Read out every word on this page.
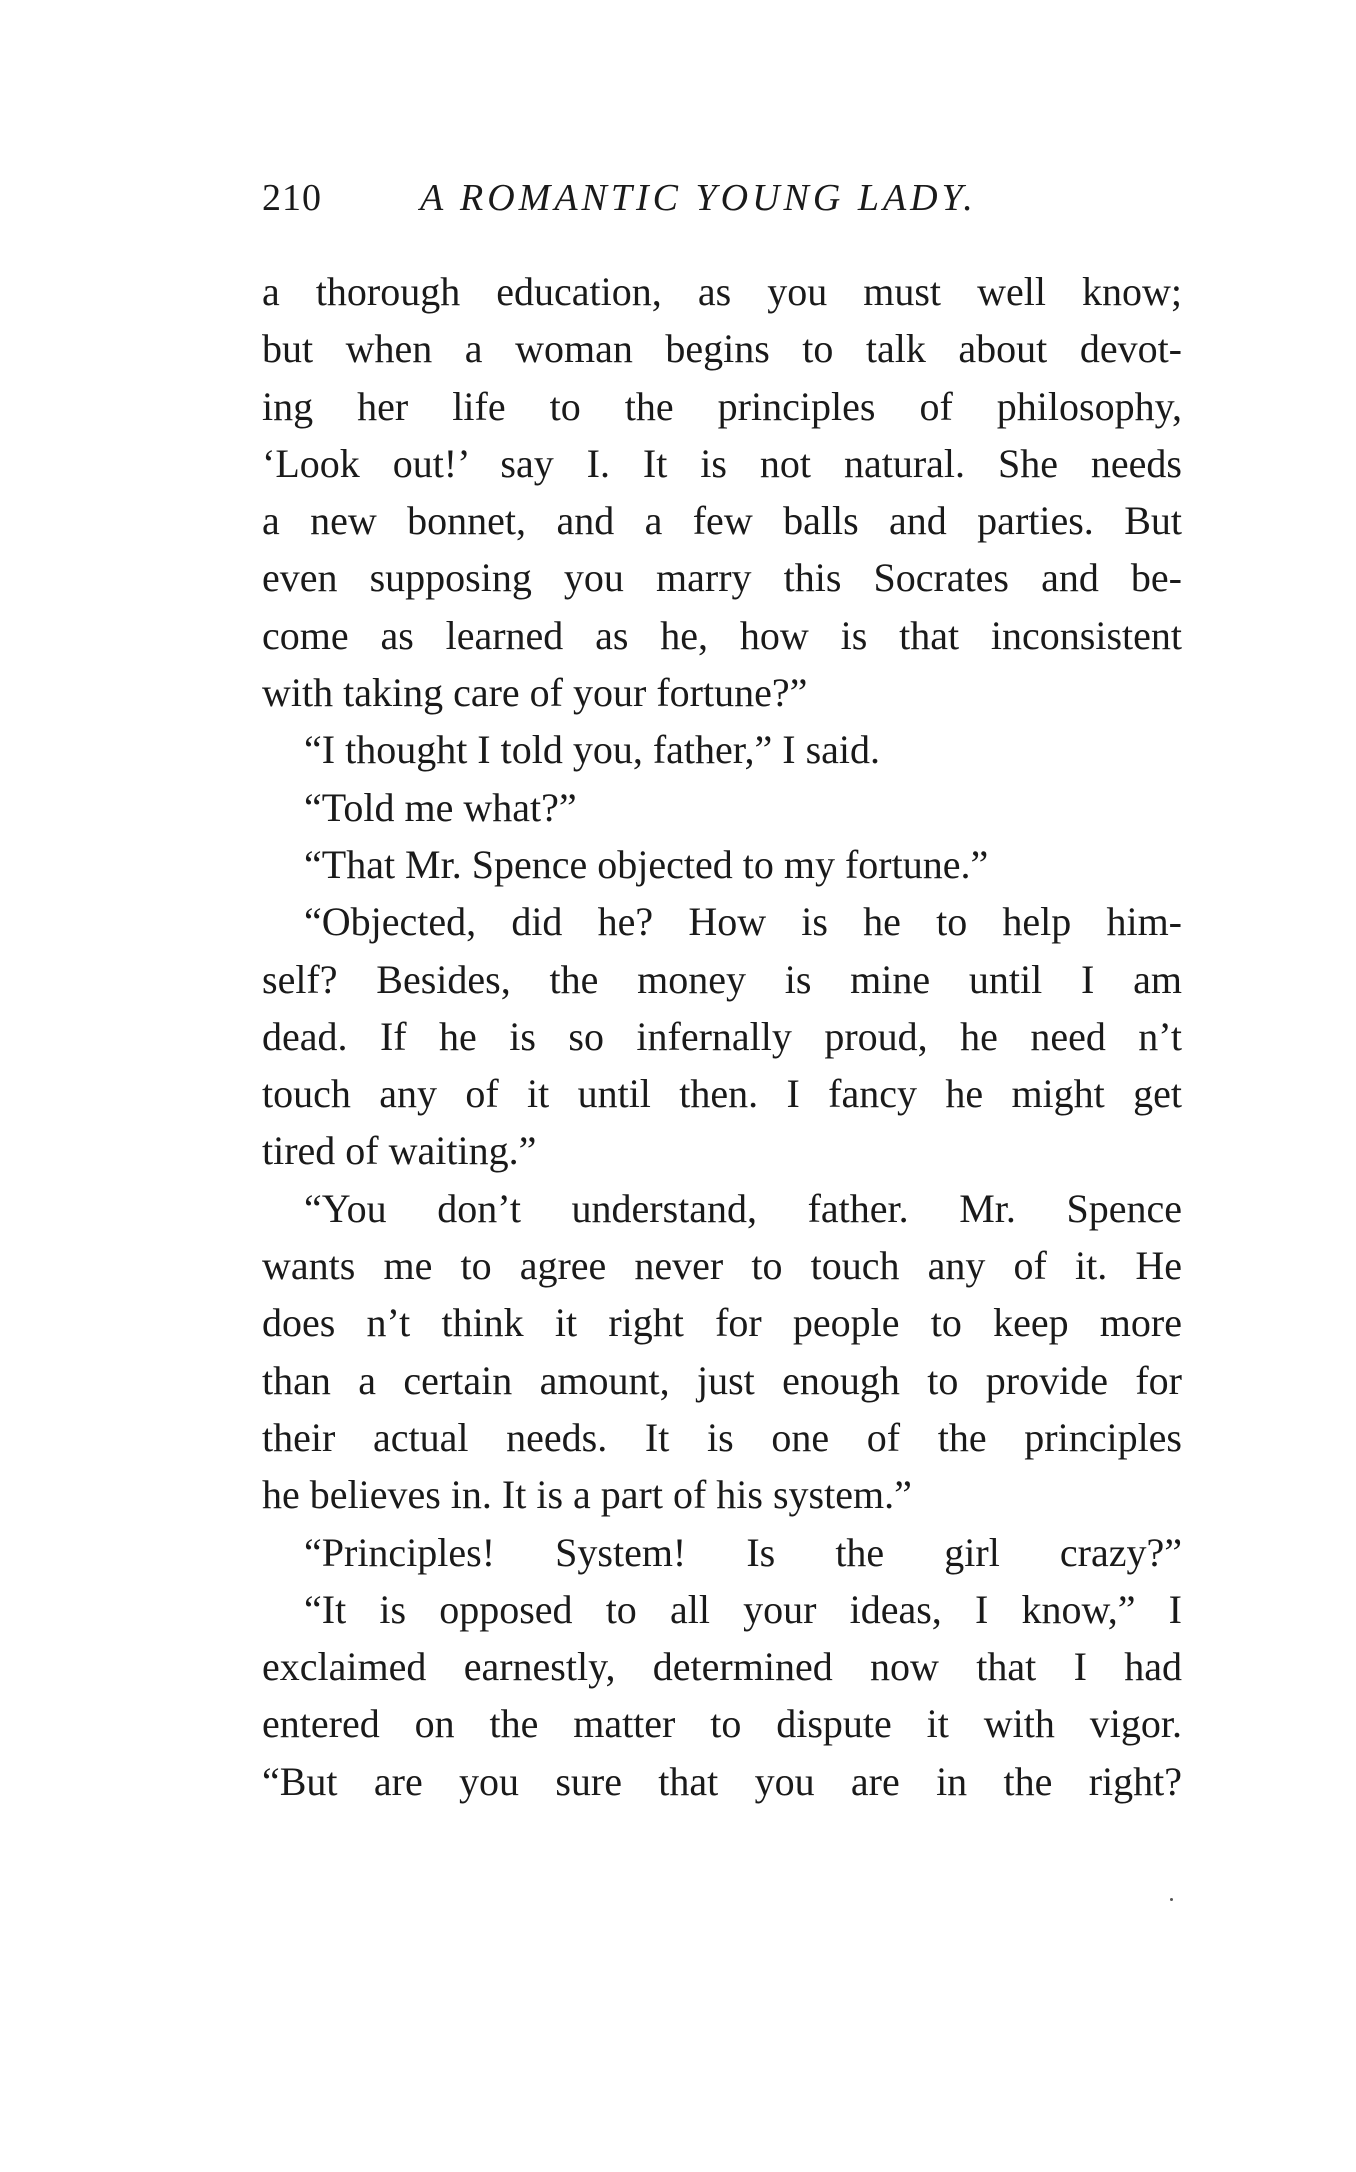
210	A ROMANTIC YOUNG LADY.
a thorough education, as you must well know;
but when a woman begins to talk about devot-
ing her life to the principles of philosophy,
‘Look out!’ say I. It is not natural. She needs
a new bonnet, and a few balls and parties. But
even supposing you marry this Socrates and be-
come as learned as he, how is that inconsistent
with taking care of your fortune?”
“I thought I told you, father,” I said.
“Told me what?”
“That Mr. Spence objected to my fortune.”
“Objected, did he? How is he to help him-
self? Besides, the money is mine until I am
dead. If he is so infernally proud, he need n’t
touch any of it until then. I fancy he might get
tired of waiting.”
“You don’t understand, father. Mr. Spence
wants me to agree never to touch any of it. He
does n’t think it right for people to keep more
than a certain amount, just enough to provide for
their actual needs. It is one of the principles
he believes in. It is a part of his system.”
“Principles! System! Is the girl crazy?”
“It is opposed to all your ideas, I know,” I
exclaimed earnestly, determined now that I had
entered on the matter to dispute it with vigor.
“But are you sure that you are in the right?
